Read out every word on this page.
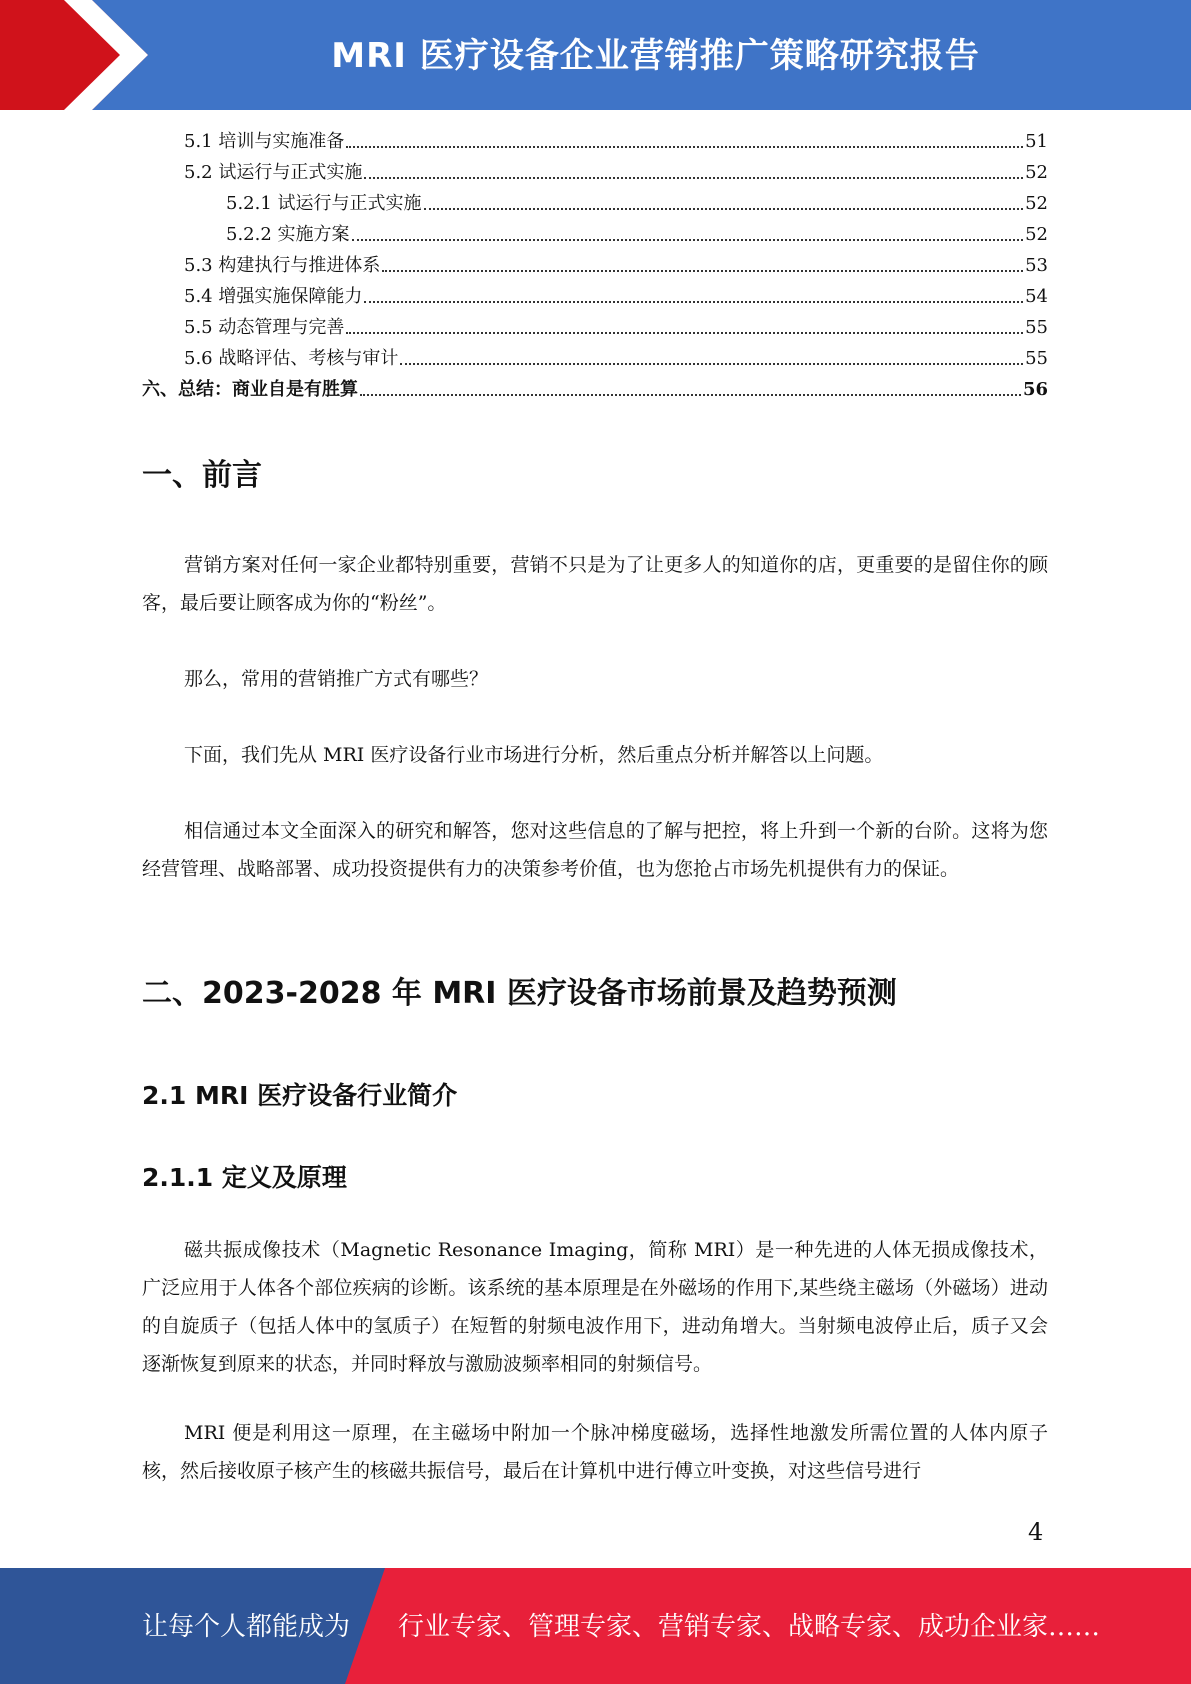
MRI 医疗设备企业营销推广策略研究报告
5.1 培训与实施准备	51
5.2 试运行与正式实施	52
5.2.1 试运行与正式实施	52
5.2.2 实施方案	52
5.3 构建执行与推进体系	53
5.4 增强实施保障能力	54
5.5 动态管理与完善	55
5.6 战略评估、考核与审计	55
六、总结：商业自是有胜算	56
一、前言

营销方案对任何一家企业都特别重要，营销不只是为了让更多人的知道你的店，更重要的是留住你的顾客，最后要让顾客成为你的“粉丝”。

那么，常用的营销推广方式有哪些？

下面，我们先从 MRI 医疗设备行业市场进行分析，然后重点分析并解答以上问题。

相信通过本文全面深入的研究和解答，您对这些信息的了解与把控，将上升到一个新的台阶。这将为您经营管理、战略部署、成功投资提供有力的决策参考价值，也为您抢占市场先机提供有力的保证。

二、2023-2028 年 MRI 医疗设备市场前景及趋势预测
2.1 MRI 医疗设备行业简介
2.1.1 定义及原理

磁共振成像技术（Magnetic Resonance Imaging，简称 MRI）是一种先进的人体无损成像技术，广泛应用于人体各个部位疾病的诊断。该系统的基本原理是在外磁场的作用下,某些绕主磁场（外磁场）进动的自旋质子（包括人体中的氢质子）在短暂的射频电波作用下，进动角增大。当射频电波停止后，质子又会逐渐恢复到原来的状态，并同时释放与激励波频率相同的射频信号。

MRI 便是利用这一原理，在主磁场中附加一个脉冲梯度磁场，选择性地激发所需位置的人体内原子核，然后接收原子核产生的核磁共振信号，最后在计算机中进行傅立叶变换，对这些信号进行

4
让每个人都能成为 行业专家、管理专家、营销专家、战略专家、成功企业家……
